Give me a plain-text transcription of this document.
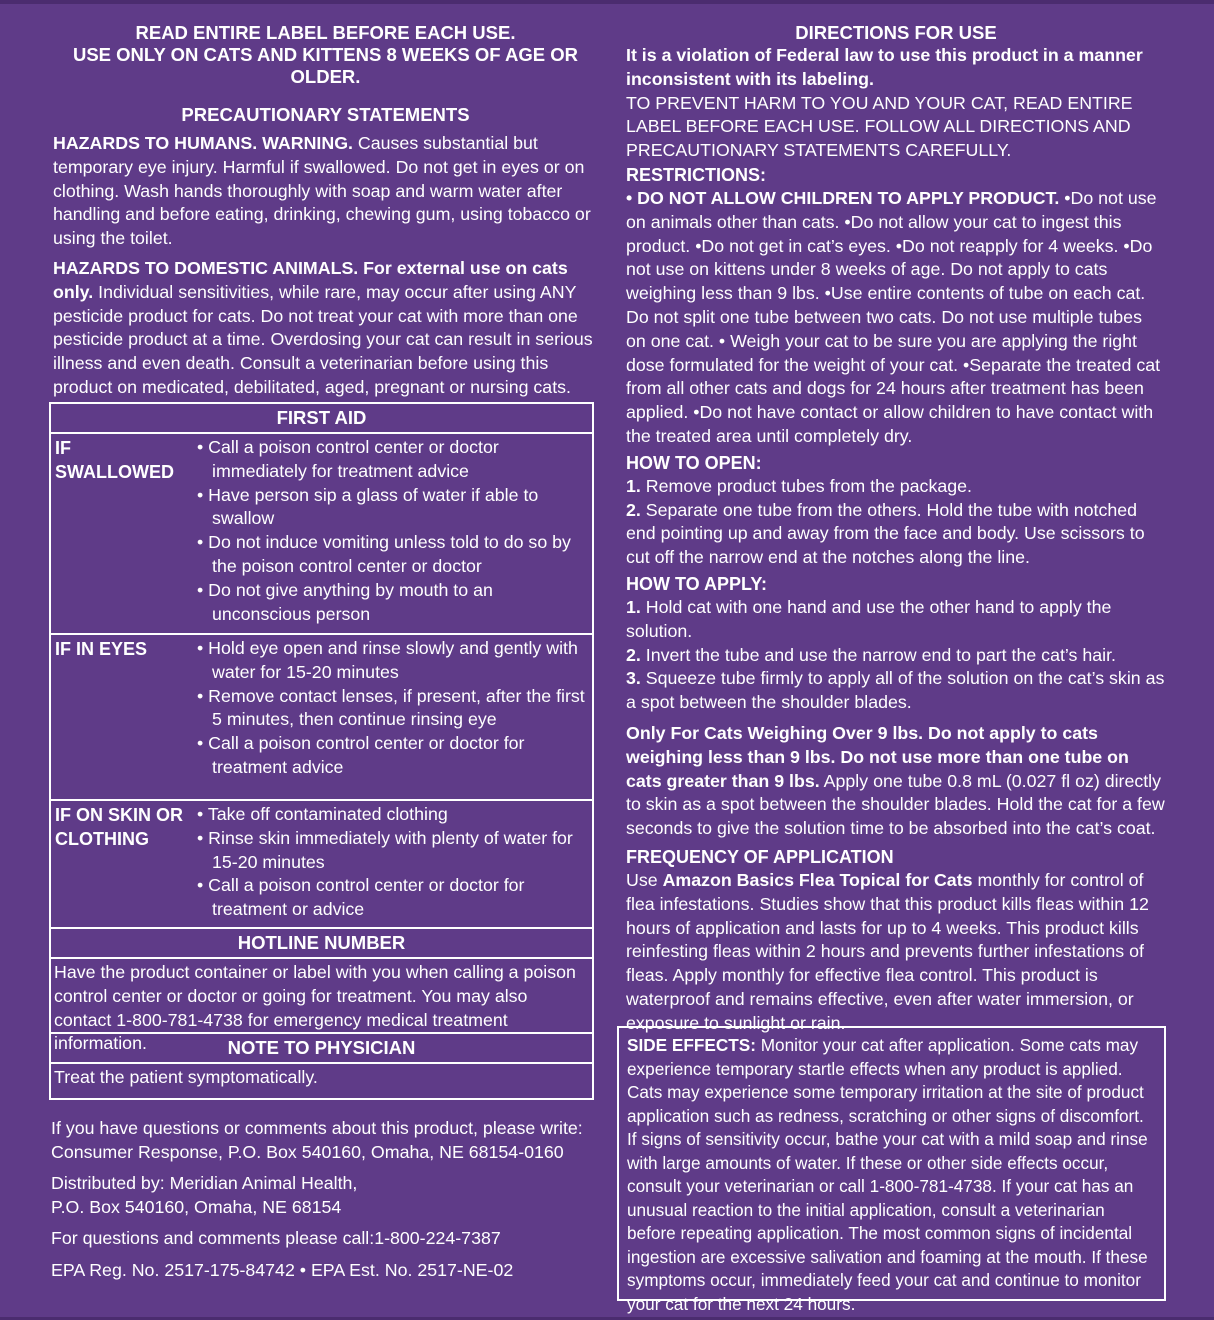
READ ENTIRE LABEL BEFORE EACH USE.

USE ONLY ON CATS AND KITTENS 8 WEEKS OF AGE OR OLDER.

PRECAUTIONARY STATEMENTS

HAZARDS TO HUMANS. WARNING. Causes substantial but temporary eye injury. Harmful if swallowed. Do not get in eyes or on clothing. Wash hands thoroughly with soap and warm water after handling and before eating, drinking, chewing gum, using tobacco or using the toilet.

HAZARDS TO DOMESTIC ANIMALS. For external use on cats only. Individual sensitivities, while rare, may occur after using ANY pesticide product for cats. Do not treat your cat with more than one pesticide product at a time. Overdosing your cat can result in serious illness and even death. Consult a veterinarian before using this product on medicated, debilitated, aged, pregnant or nursing cats.

FIRST AID
IF SWALLOWED
• Call a poison control center or doctor immediately for treatment advice
• Have person sip a glass of water if able to swallow
• Do not induce vomiting unless told to do so by the poison control center or doctor
• Do not give anything by mouth to an unconscious person
IF IN EYES
•	Hold eye open and rinse slowly and gently with water for 15-20 minutes
• Remove contact lenses, if present, after the first 5 minutes, then continue rinsing eye
• Call a poison control center or doctor for treatment advice
IF ON SKIN OR CLOTHING
• Take off contaminated clothing
• Rinse skin immediately with plenty of water for 15-20 minutes
• Call a poison control center or doctor for treatment or advice
HOTLINE NUMBER
Have the product container or label with you when calling a poison control center or doctor or going for treatment. You may also contact 1-800-781-4738 for emergency medical treatment information.	NOTE TO PHYSICIAN
Treat the patient symptomatically.
If you have questions or comments about this product, please write: Consumer Response, P.O. Box 540160, Omaha, NE 68154-0160
Distributed by: Meridian Animal Health,
P.O. Box 540160, Omaha, NE 68154
For questions and comments please call:1-800-224-7387
EPA Reg. No. 2517-175-84742 • EPA Est. No. 2517-NE-02

DIRECTIONS FOR USE

It is a violation of Federal law to use this product in a manner inconsistent with its labeling.

TO PREVENT HARM TO YOU AND YOUR CAT, READ ENTIRE LABEL BEFORE EACH USE. FOLLOW ALL DIRECTIONS AND PRECAUTIONARY STATEMENTS CAREFULLY.

RESTRICTIONS:

• DO NOT ALLOW CHILDREN TO APPLY PRODUCT. •Do not use on animals other than cats. •Do not allow your cat to ingest this product. •Do not get in cat’s eyes. •Do not reapply for 4 weeks. •Do not use on kittens under 8 weeks of age. Do not apply to cats weighing less than 9 lbs. •Use entire contents of tube on each cat. Do not split one tube between two cats. Do not use multiple tubes on one cat. • Weigh your cat to be sure you are applying the right dose formulated for the weight of your cat. •Separate the treated cat from all other cats and dogs for 24 hours after treatment has been applied. •Do not have contact or allow children to have contact with the treated area until completely dry.

HOW TO OPEN:

1. Remove product tubes from the package.

2. Separate one tube from the others. Hold the tube with notched end pointing up and away from the face and body. Use scissors to cut off the narrow end at the notches along the line.

HOW TO APPLY:

1. Hold cat with one hand and use the other hand to apply the solution.

2. Invert the tube and use the narrow end to part the cat’s hair.

3. Squeeze tube firmly to apply all of the solution on the cat’s skin as a spot between the shoulder blades.

Only For Cats Weighing Over 9 lbs. Do not apply to cats weighing less than 9 lbs. Do not use more than one tube on cats greater than 9 lbs. Apply one tube 0.8 mL (0.027 fl oz) directly to skin as a spot between the shoulder blades. Hold the cat for a few seconds to give the solution time to be absorbed into the cat’s coat.

FREQUENCY OF APPLICATION

Use Amazon Basics Flea Topical for Cats monthly for control of flea infestations. Studies show that this product kills fleas within 12 hours of application and lasts for up to 4 weeks. This product kills reinfesting fleas within 2 hours and prevents further infestations of fleas. Apply monthly for effective flea control. This product is waterproof and remains effective, even after water immersion, or exposure to sunlight or rain.

SIDE EFFECTS: Monitor your cat after application. Some cats may experience temporary startle effects when any product is applied. Cats may experience some temporary irritation at the site of product application such as redness, scratching or other signs of discomfort. If signs of sensitivity occur, bathe your cat with a mild soap and rinse with large amounts of water. If these or other side effects occur, consult your veterinarian or call 1-800-781-4738. If your cat has an unusual reaction to the initial application, consult a veterinarian before repeating application. The most common signs of incidental ingestion are excessive salivation and foaming at the mouth. If these symptoms occur, immediately feed your cat and continue to monitor your cat for the next 24 hours.
